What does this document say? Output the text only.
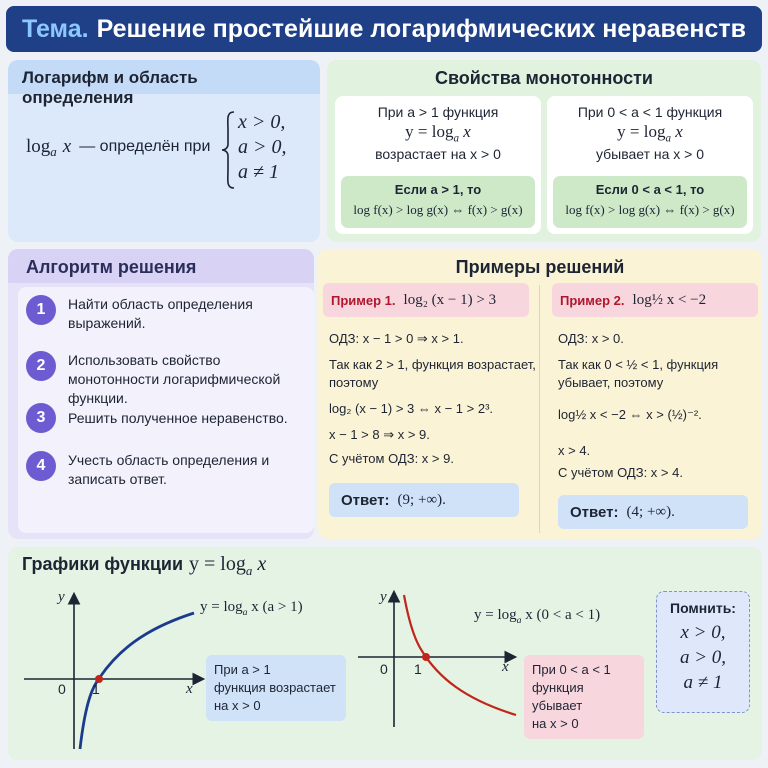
Тема. Решение простейшие логарифмических неравенств
Логарифм и область определения
$\log_a x$ — определён при
x > 0,
a > 0,
a ≠ 1
Свойства монотонности
При a > 1 функция
$y = \log_a x$
возрастает на x > 0
Если a > 1, то
log f(x) > log g(x) ⇔ f(x) > g(x)
При 0 < a < 1 функция
$y = \log_a x$
убывает на x > 0
Если 0 < a < 1, то
log f(x) > log g(x) ⇔ f(x) > g(x)
Алгоритм решения
1	Найти область определения выражений.
2	Использовать свойство монотонности логарифмической функции.
3	Решить полученное неравенство.
4	Учесть область определения и записать ответ.
Примеры решений
Пример 1. log₂ (x − 1) > 3
ОДЗ: x − 1 > 0 ⇒ x > 1.
Так как 2 > 1, функция возрастает,
поэтому
log₂ (x − 1) > 3 ⇔ x − 1 > 2³.
x − 1 > 8 ⇒ x > 9.
С учётом ОДЗ: x > 9.
Ответ: (9; +∞).
Пример 2. log½ x < −2
ОДЗ: x > 0.
Так как 0 < ½ < 1, функция
убывает, поэтому
log½ x < −2 ⇔ x > (½)⁻².
x > 4.
С учётом ОДЗ: x > 4.
Ответ: (4; +∞).
Графики функции $y = \log_a x$
y
x
0 1
$y = \log_a x$ (a > 1)
При a > 1
функция возрастает
на x > 0
y
x
0 1
$y = \log_a x$ (0 < a < 1)
При 0 < a < 1
функция убывает
на x > 0
Помнить:
x > 0,
a > 0,
a ≠ 1
